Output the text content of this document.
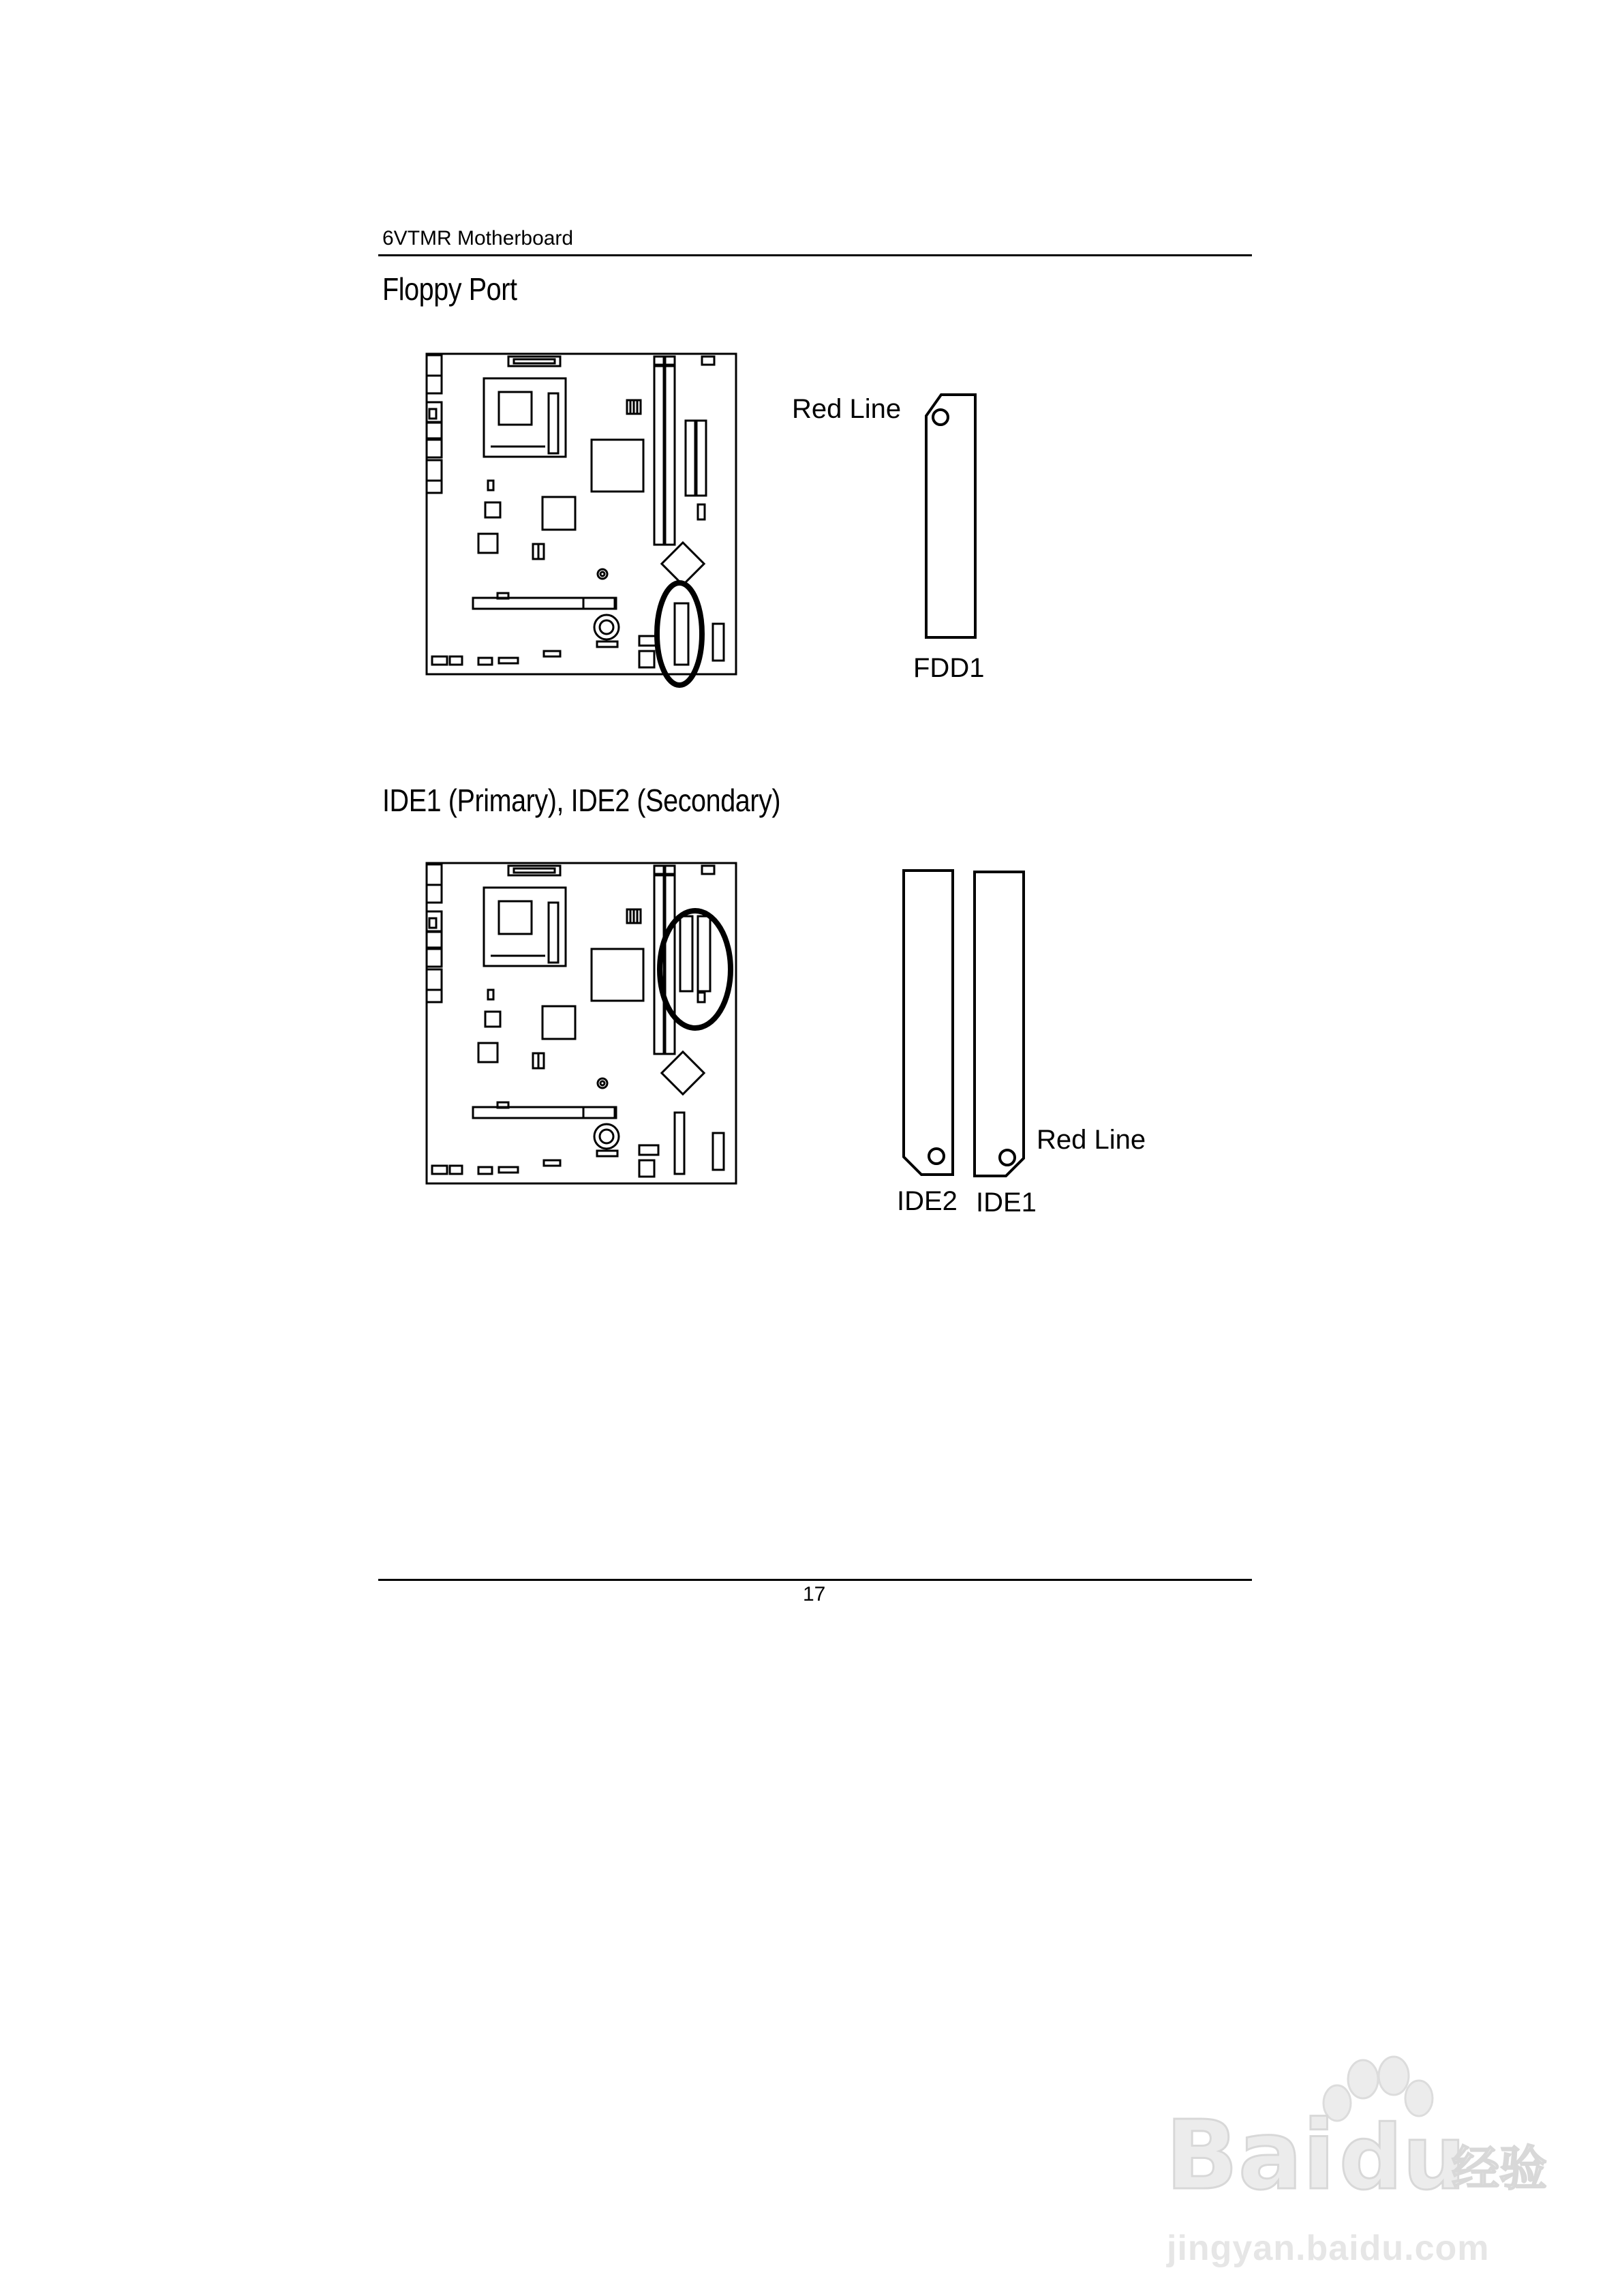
6VTMR Motherboard
Floppy Port
Red Line
FDD1
IDE1 (Primary), IDE2 (Secondary)
Red Line
IDE2 IDE1
17
Bai du
经验
jingyan.baidu.com
